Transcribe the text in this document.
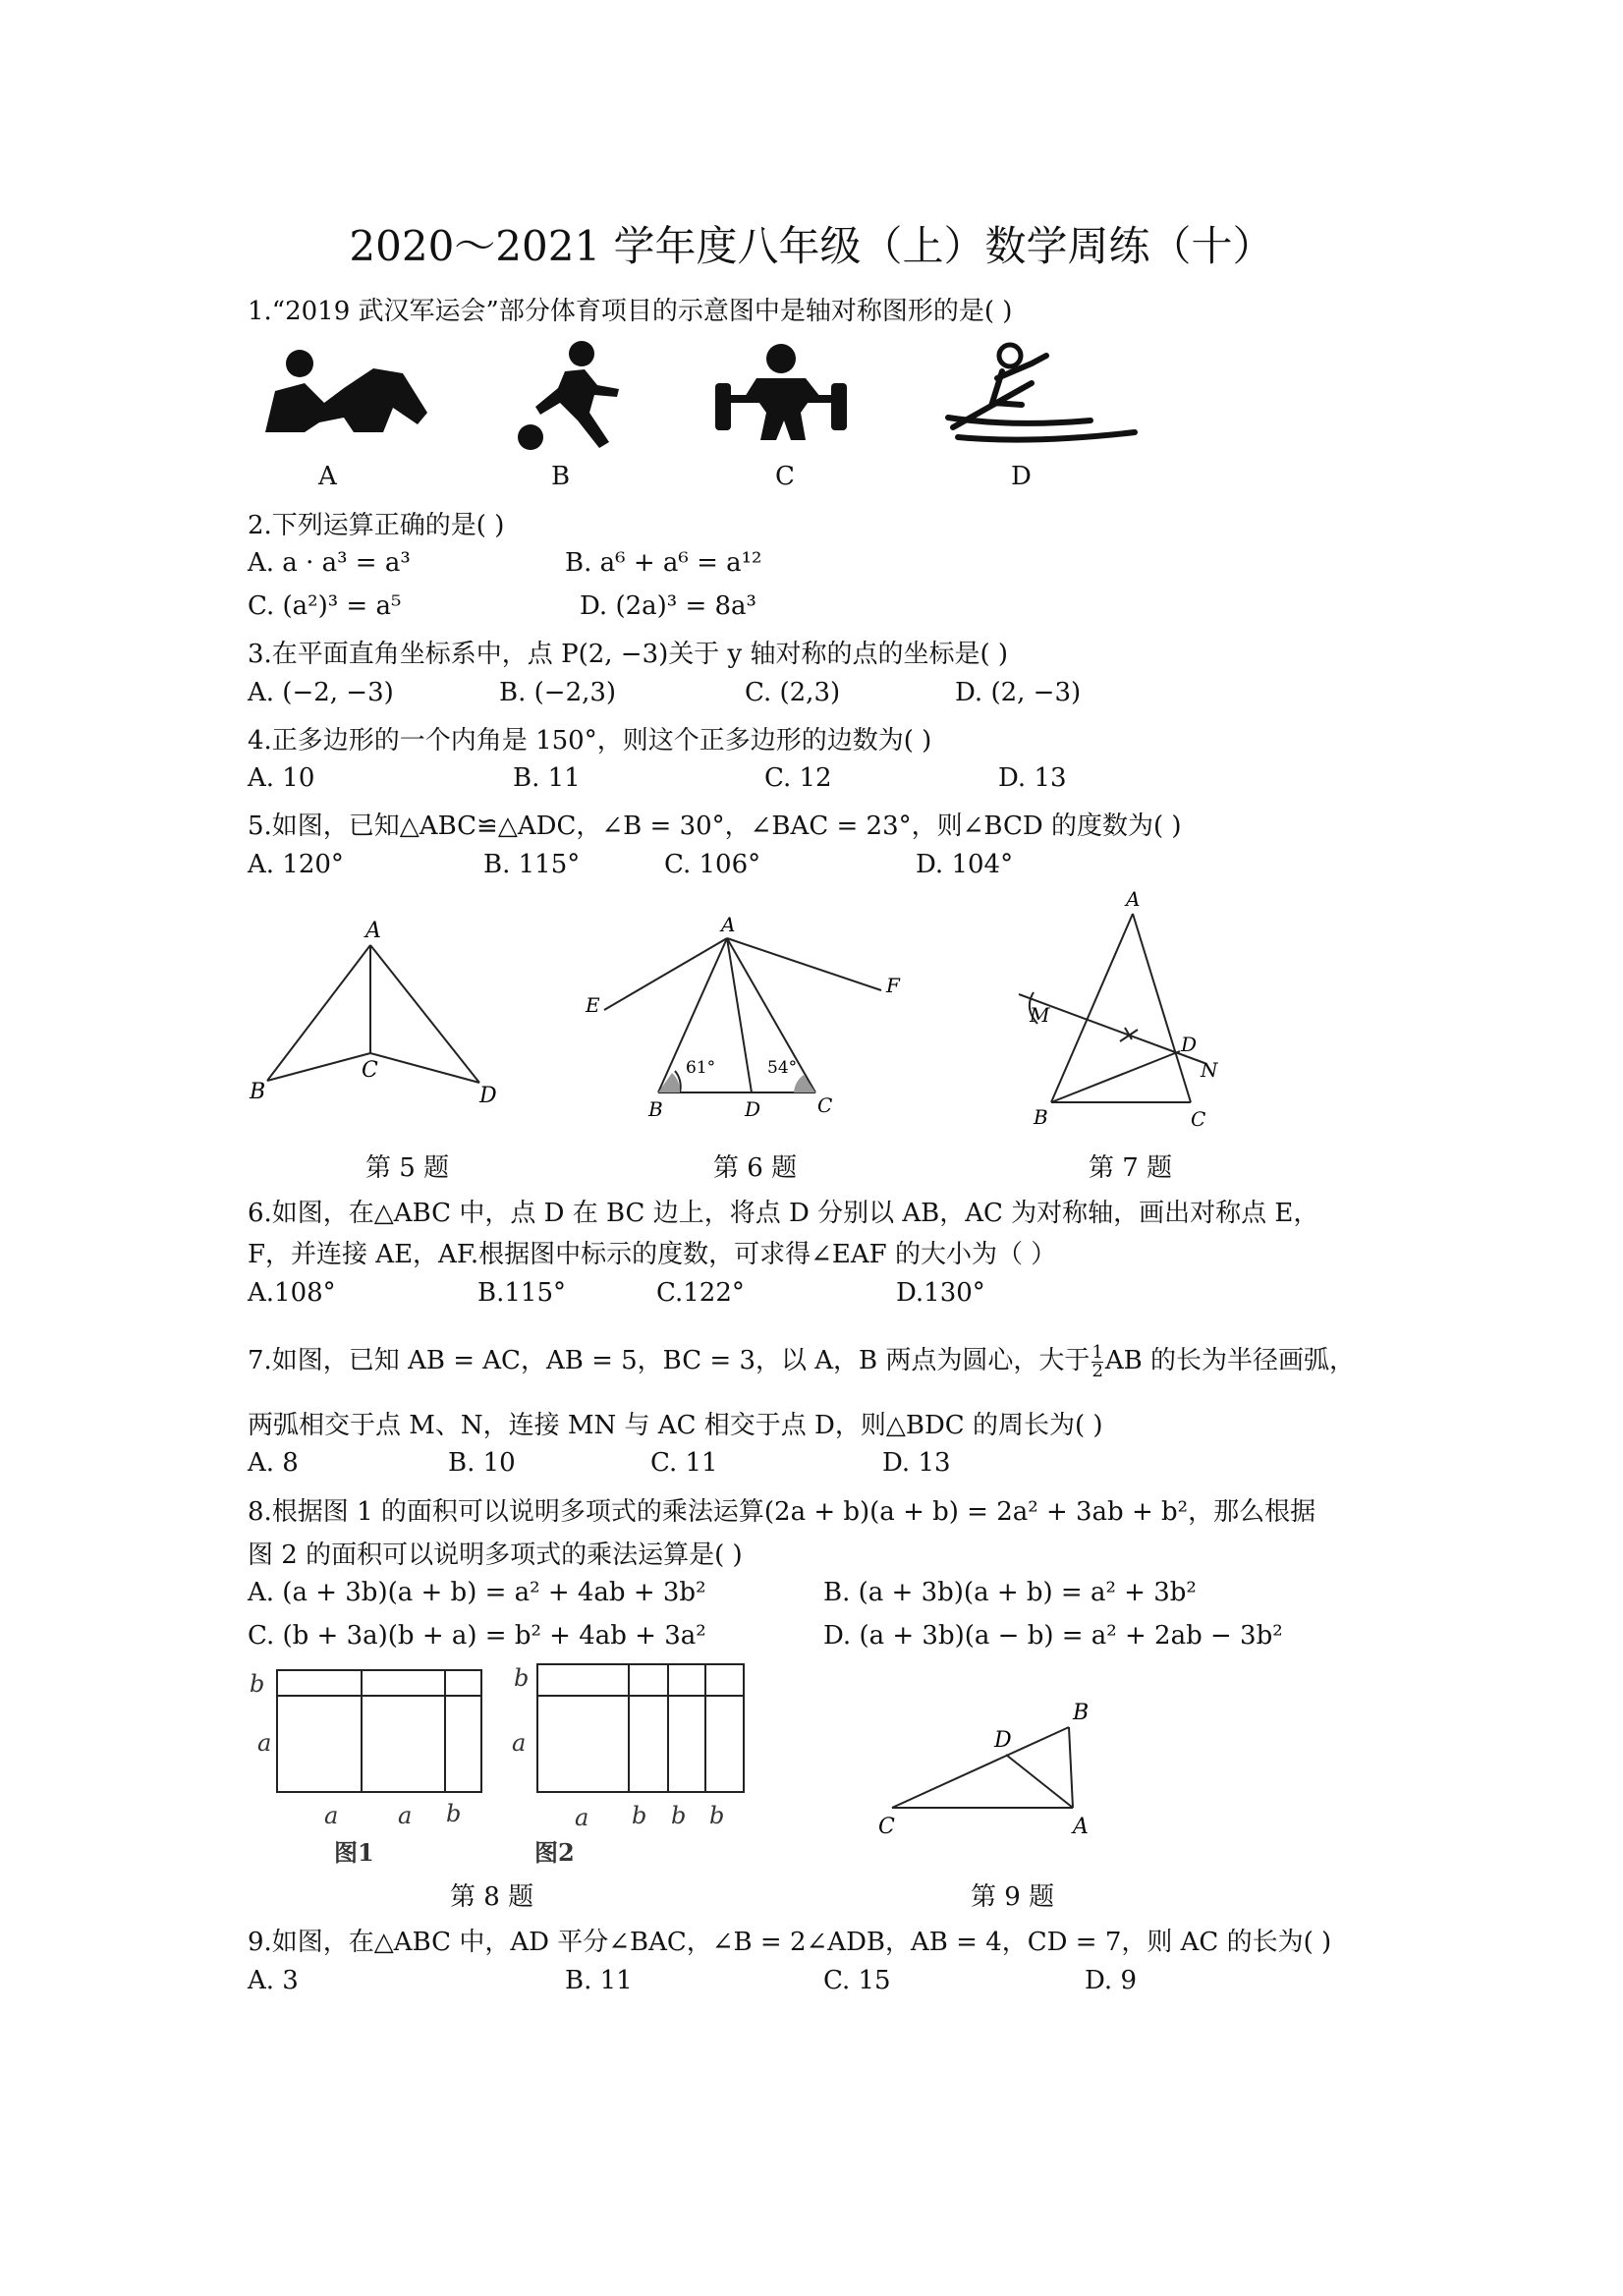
2020～2021 学年度八年级（上）数学周练（十）
1.“2019 武汉军运会”部分体育项目的示意图中是轴对称图形的是( )
A	B	C	D
2.下列运算正确的是( )
A. a · a³ = a³	B. a⁶ + a⁶ = a¹²
C. (a²)³ = a⁵	D. (2a)³ = 8a³
3.在平面直角坐标系中，点 P(2, −3)关于 y 轴对称的点的坐标是( )
A. (−2, −3)	B. (−2,3)	C. (2,3)	D. (2, −3)
4.正多边形的一个内角是 150°，则这个正多边形的边数为( )
A. 10	B. 11	C. 12	D. 13
5.如图，已知△ABC≌△ADC，∠B = 30°，∠BAC = 23°，则∠BCD 的度数为( )
A. 120°	B. 115°	C. 106°	D. 104°
A
B
C
D
A
E
F
B	D	C
61°	54°
A
M
D
N
B	C
第 5 题	第 6 题	第 7 题
6.如图，在△ABC 中，点 D 在 BC 边上，将点 D 分别以 AB，AC 为对称轴，画出对称点 E，
F，并连接 AE，AF.根据图中标示的度数，可求得∠EAF 的大小为（ ）
A.108°	B.115°	C.122°	D.130°
7.如图，已知 AB = AC，AB = 5，BC = 3，以 A，B 两点为圆心，大于 $\frac{1}{2}$ AB 的长为半径画弧，
两弧相交于点 M、N，连接 MN 与 AC 相交于点 D，则△BDC 的周长为( )
A. 8	B. 10	C. 11	D. 13
8.根据图 1 的面积可以说明多项式的乘法运算(2a + b)(a + b) = 2a² + 3ab + b²，那么根据
图 2 的面积可以说明多项式的乘法运算是( )
A. (a + 3b)(a + b) = a² + 4ab + 3b²	B. (a + 3b)(a + b) = a² + 3b²
C. (b + 3a)(b + a) = b² + 4ab + 3a²	D. (a + 3b)(a − b) = a² + 2ab − 3b²
b
a
a	a b
图1
b
a
a b b b
图2
B
D
C	A
第 8 题	第 9 题
9.如图，在△ABC 中，AD 平分∠BAC，∠B = 2∠ADB，AB = 4，CD = 7，则 AC 的长为( )
A. 3	B. 11	C. 15	D. 9
